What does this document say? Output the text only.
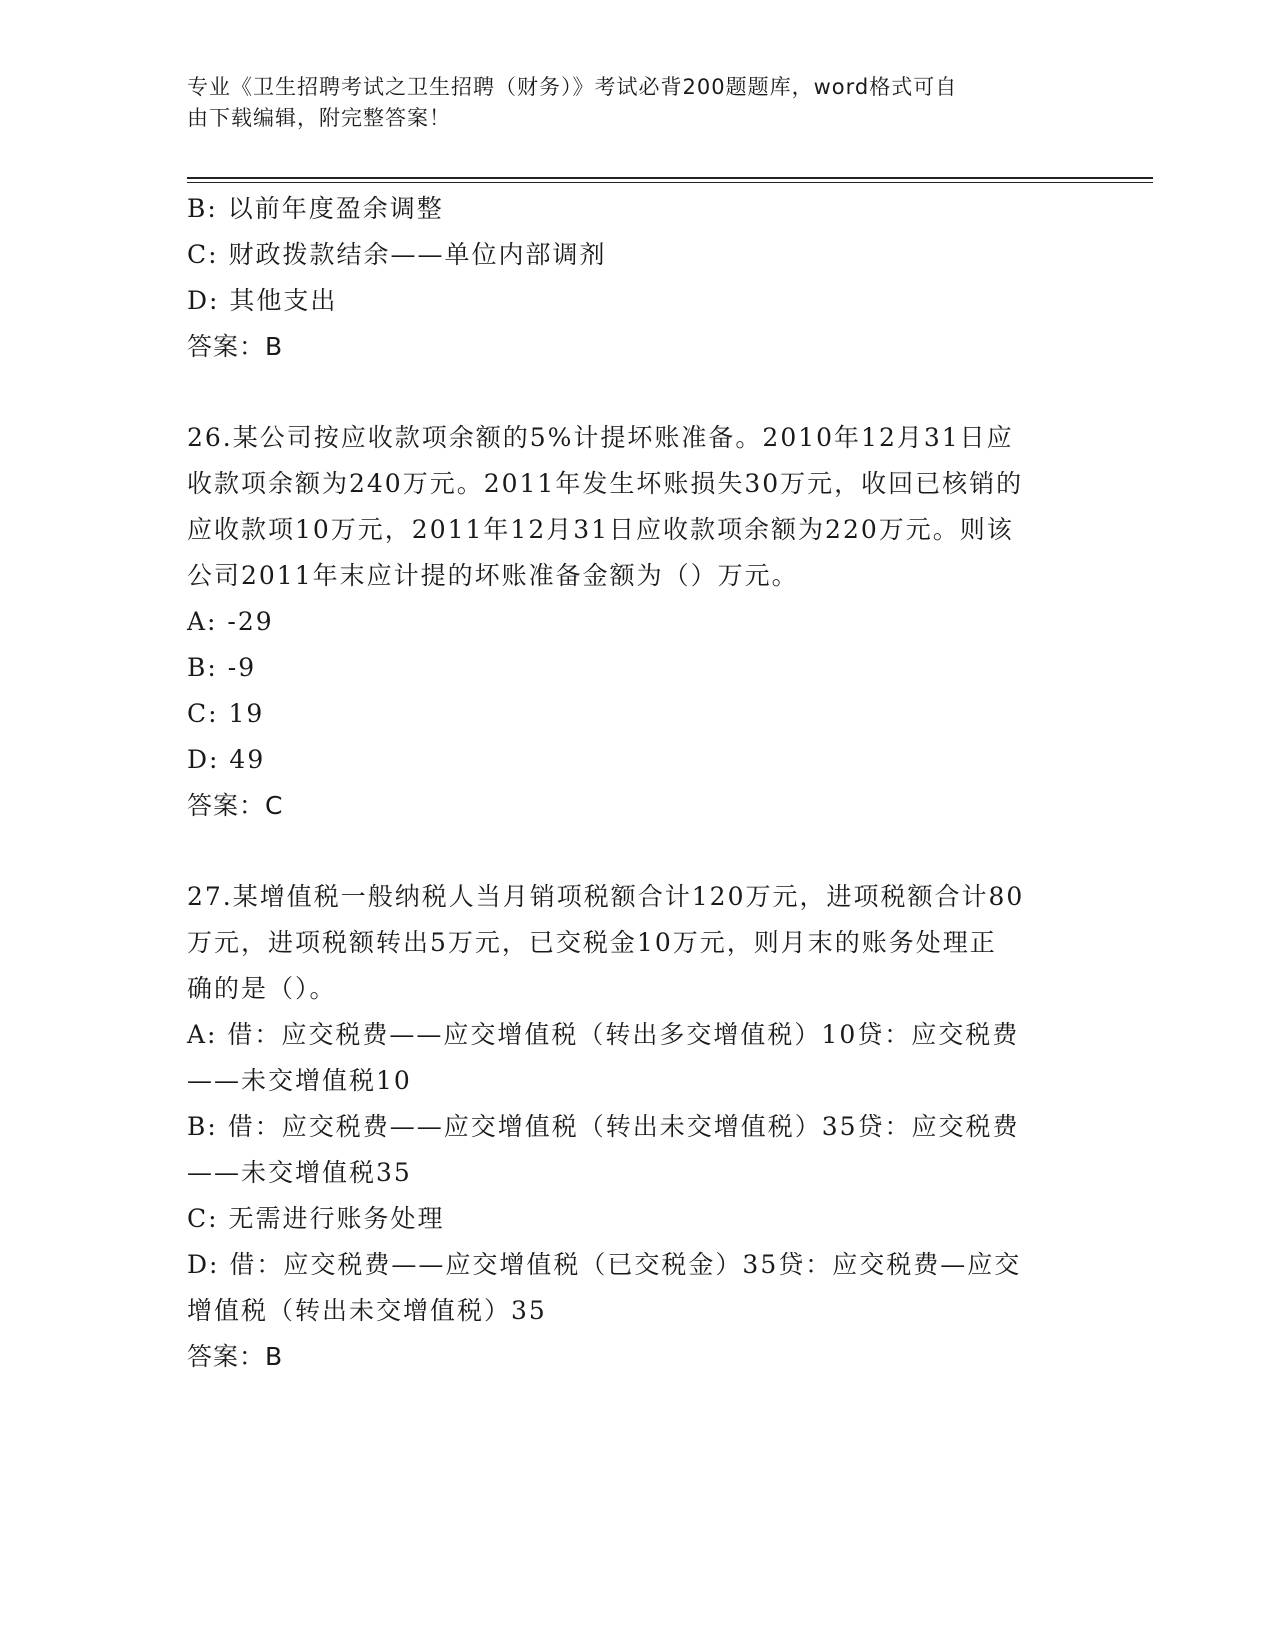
专业《卫生招聘考试之卫生招聘（财务）》考试必背200题题库，word格式可自
由下载编辑，附完整答案！
B: 以前年度盈余调整
C: 财政拨款结余——单位内部调剂
D: 其他支出
答案：B
26.某公司按应收款项余额的5%计提坏账准备。2010年12月31日应
收款项余额为240万元。2011年发生坏账损失30万元，收回已核销的
应收款项10万元，2011年12月31日应收款项余额为220万元。则该
公司2011年末应计提的坏账准备金额为（）万元。
A: -29
B: -9
C: 19
D: 49
答案：C
27.某增值税一般纳税人当月销项税额合计120万元，进项税额合计80
万元，进项税额转出5万元，已交税金10万元，则月末的账务处理正
确的是（）。
A: 借：应交税费——应交增值税（转出多交增值税）10贷：应交税费
——未交增值税10
B: 借：应交税费——应交增值税（转出未交增值税）35贷：应交税费
——未交增值税35
C: 无需进行账务处理
D: 借：应交税费——应交增值税（已交税金）35贷：应交税费—应交
增值税（转出未交增值税）35
答案：B
